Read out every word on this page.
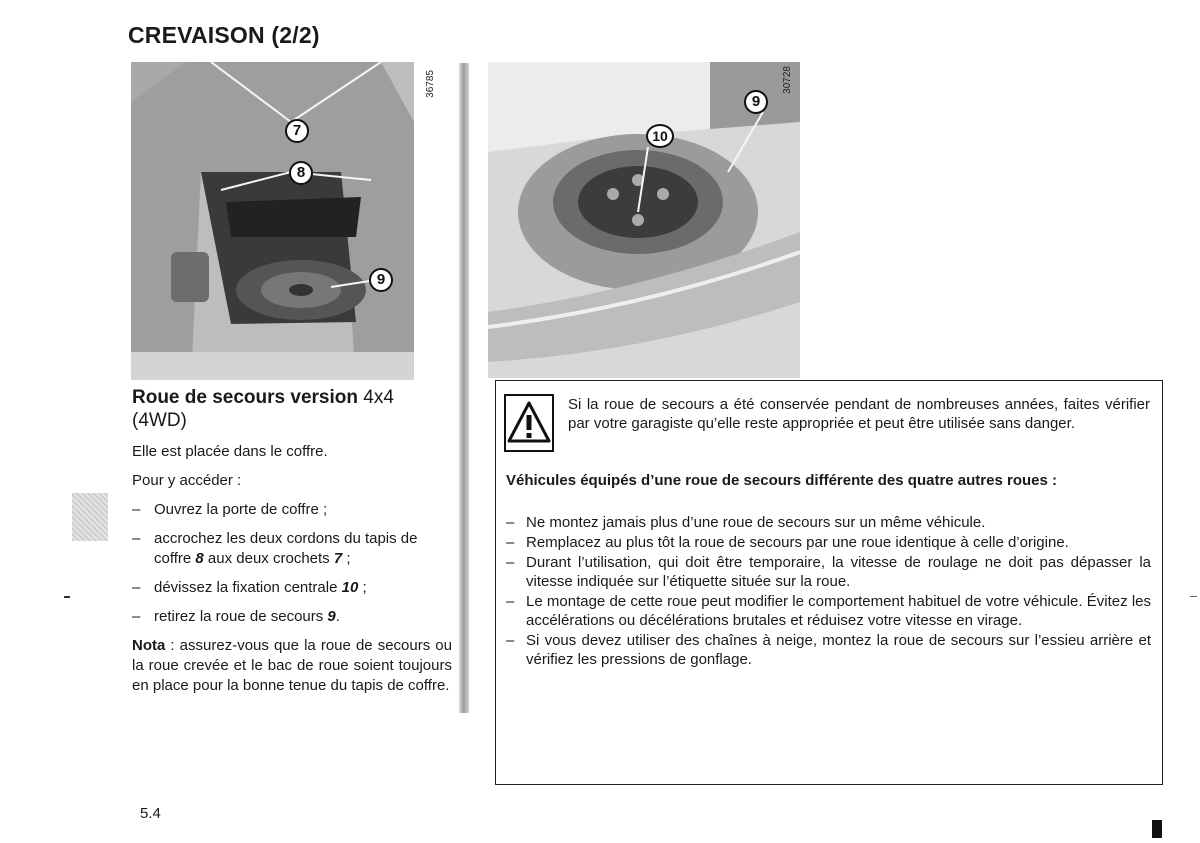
CREVAISON (2/2)
7
8
9
36785
10
9
30728
Roue de secours version 4x4
(4WD)

Elle est placée dans le coffre.

Pour y accéder :

– Ouvrez la porte de coffre ;
– accrochez les deux cordons du tapis de coffre 8 aux deux crochets 7 ;
– dévissez la fixation centrale 10 ;
– retirez la roue de secours 9.
Nota : assurez-vous que la roue de secours ou la roue crevée et le bac de roue soient toujours en place pour la bonne tenue du tapis de coffre.
Si la roue de secours a été conservée pendant de nombreuses années, faites vérifier par votre garagiste qu’elle reste appropriée et peut être utilisée sans danger.
Véhicules équipés d’une roue de secours différente des quatre autres roues :
– Ne montez jamais plus d’une roue de secours sur un même véhicule.
– Remplacez au plus tôt la roue de secours par une roue identique à celle d’origine.
– Durant l’utilisation, qui doit être temporaire, la vitesse de roulage ne doit pas dépasser la vitesse indiquée sur l’étiquette située sur la roue.
– Le montage de cette roue peut modifier le comportement habituel de votre véhicule. Évitez les accélérations ou décélérations brutales et réduisez votre vitesse en virage.
– Si vous devez utiliser des chaînes à neige, montez la roue de secours sur l’essieu arrière et vérifiez les pressions de gonflage.
5.4
